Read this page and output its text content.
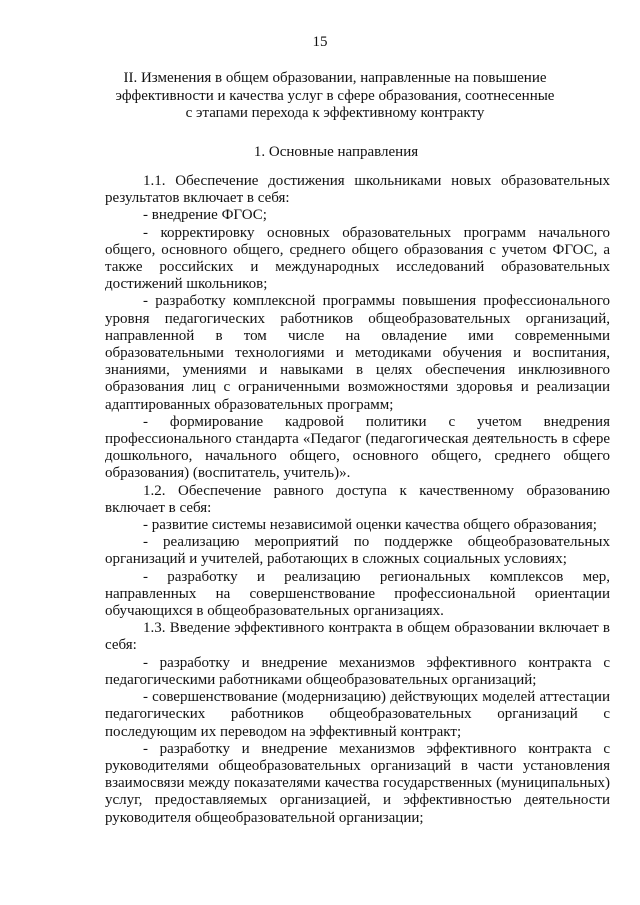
15
II. Изменения в общем образовании, направленные на повышение
эффективности и качества услуг в сфере образования, соотнесенные
с этапами перехода к эффективному контракту
1. Основные направления

1.1. Обеспечение достижения школьниками новых образовательных результатов включает в себя:

- внедрение ФГОС;

- корректировку основных образовательных программ начального общего, основного общего, среднего общего образования с учетом ФГОС, а также российских и международных исследований образовательных достижений школьников;

- разработку комплексной программы повышения профессионального уровня педагогических работников общеобразовательных организаций, направленной в том числе на овладение ими современными образовательными технологиями и методиками обучения и воспитания, знаниями, умениями и навыками в целях обеспечения инклюзивного образования лиц с ограниченными возможностями здоровья и реализации адаптированных образовательных программ;

- формирование кадровой политики с учетом внедрения профессионального стандарта «Педагог (педагогическая деятельность в сфере дошкольного, начального общего, основного общего, среднего общего образования) (воспитатель, учитель)».

1.2. Обеспечение равного доступа к качественному образованию включает в себя:

- развитие системы независимой оценки качества общего образования;

- реализацию мероприятий по поддержке общеобразовательных организаций и учителей, работающих в сложных социальных условиях;

- разработку и реализацию региональных комплексов мер, направленных на совершенствование профессиональной ориентации обучающихся в общеобразовательных организациях.

1.3. Введение эффективного контракта в общем образовании включает в себя:

- разработку и внедрение механизмов эффективного контракта с педагогическими работниками общеобразовательных организаций;

- совершенствование (модернизацию) действующих моделей аттестации педагогических работников общеобразовательных организаций с последующим их переводом на эффективный контракт;

- разработку и внедрение механизмов эффективного контракта с руководителями общеобразовательных организаций в части установления взаимосвязи между показателями качества государственных (муниципальных) услуг, предоставляемых организацией, и эффективностью деятельности руководителя общеобразовательной организации;
